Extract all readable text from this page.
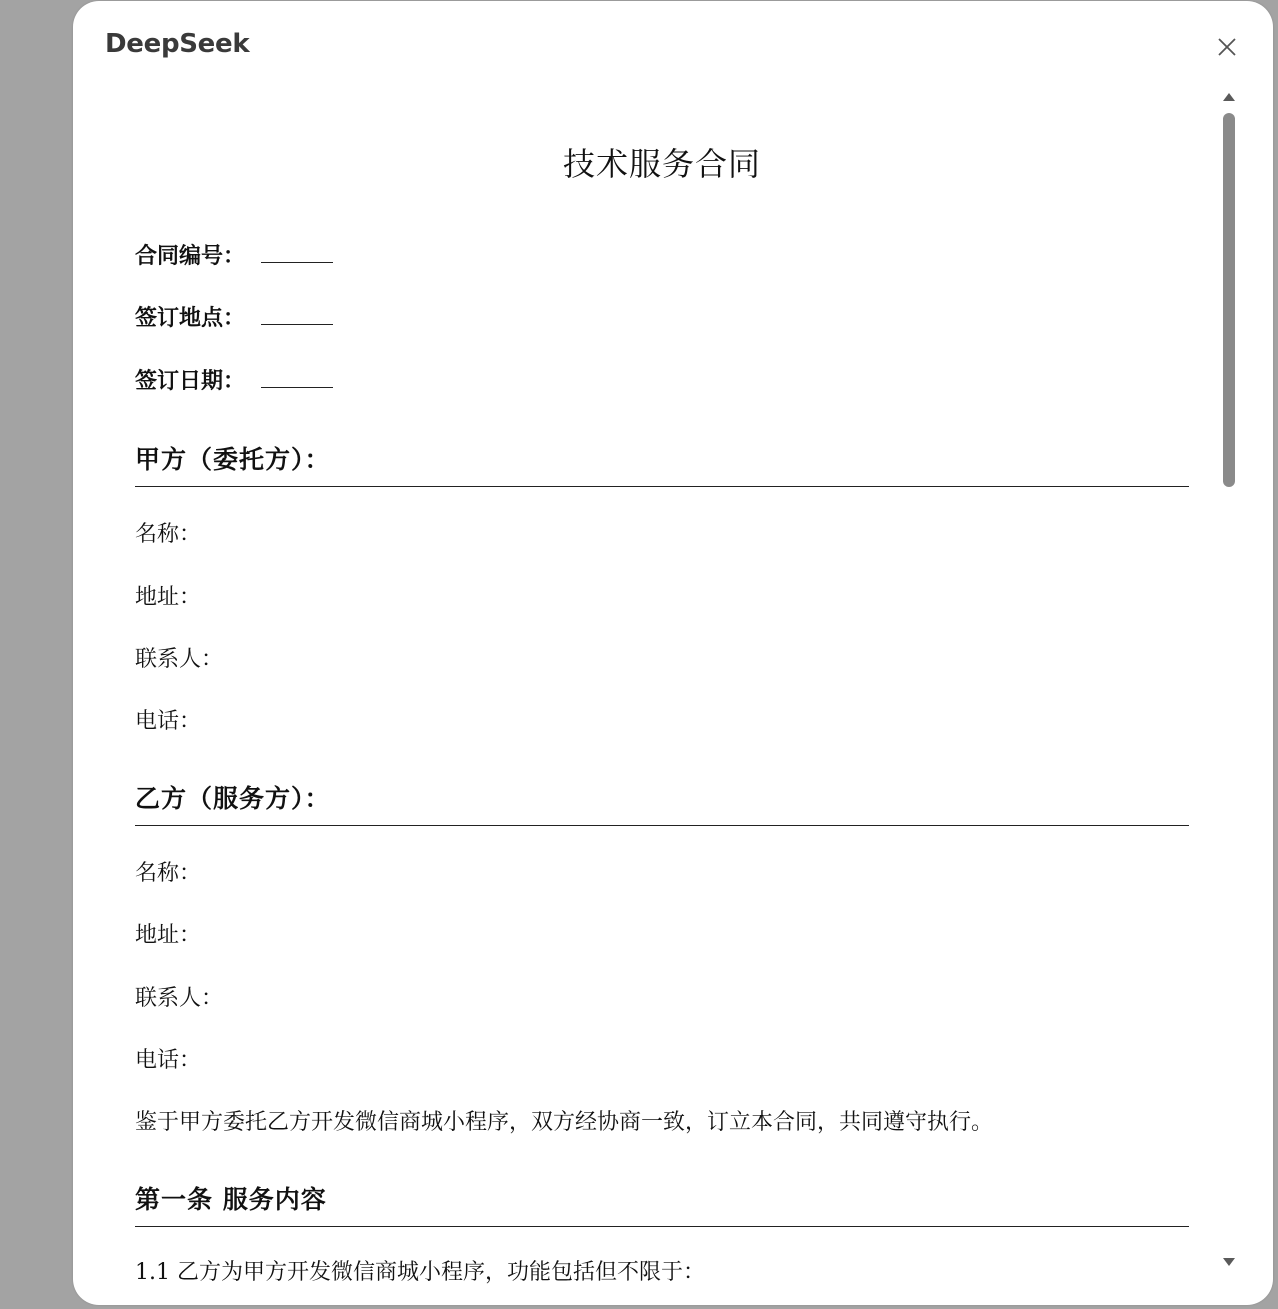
DeepSeek
技术服务合同
合同编号：
签订地点：
签订日期：
甲方（委托方）：
名称：
地址：
联系人：
电话：
乙方（服务方）：
名称：
地址：
联系人：
电话：
鉴于甲方委托乙方开发微信商城小程序，双方经协商一致，订立本合同，共同遵守执行。
第一条 服务内容
1.1 乙方为甲方开发微信商城小程序，功能包括但不限于：
